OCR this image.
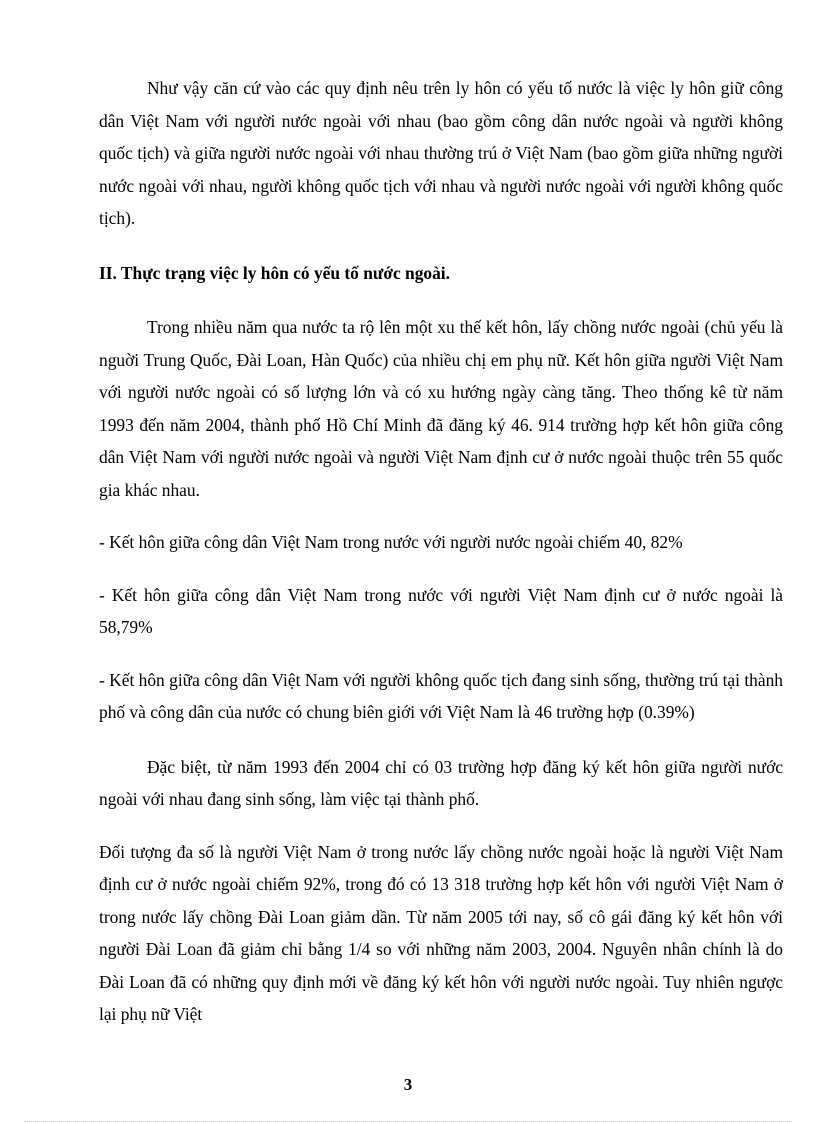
Như vậy căn cứ vào các quy định nêu trên ly hôn có yếu tố nước là việc ly hôn giữ công dân Việt Nam với người nước ngoài với nhau (bao gồm công dân nước ngoài và người không quốc tịch) và giữa người nước ngoài với nhau thường trú ở Việt Nam (bao gồm giữa những người nước ngoài với nhau, người không quốc tịch với nhau và người nước ngoài với người không quốc tịch).

II. Thực trạng việc ly hôn có yếu tố nước ngoài.

Trong nhiều năm qua nước ta rộ lên một xu thế kết hôn, lấy chồng nước ngoài (chủ yếu là nguời Trung Quốc, Đài Loan, Hàn Quốc) của nhiều chị em phụ nữ. Kết hôn giữa người Việt Nam với người nước ngoài có số lượng lớn và có xu hướng ngày càng tăng. Theo thống kê từ năm 1993 đến năm 2004, thành phố Hồ Chí Minh đã đăng ký 46. 914 trường hợp kết hôn giữa công dân Việt Nam với người nước ngoài và người Việt Nam định cư ở nước ngoài thuộc trên 55 quốc gia khác nhau.

- Kết hôn giữa công dân Việt Nam trong nước với người nước ngoài chiếm 40, 82%

- Kết hôn giữa công dân Việt Nam trong nước với người Việt Nam định cư ở nước ngoài là 58,79%

- Kết hôn giữa công dân Việt Nam với người không quốc tịch đang sinh sống, thường trú tại thành phố và công dân của nước có chung biên giới với Việt Nam là 46 trường hợp (0.39%)

Đặc biệt, từ năm 1993 đến 2004 chỉ có 03 trường hợp đăng ký kết hôn giữa người nước ngoài với nhau đang sinh sống, làm việc tại thành phố.

Đối tượng đa số là người Việt Nam ở trong nước lấy chồng nước ngoài hoặc là người Việt Nam định cư ở nước ngoài chiếm 92%, trong đó có 13 318 trường hợp kết hôn với người Việt Nam ở trong nước lấy chồng Đài Loan giảm dần. Từ năm 2005 tới nay, số cô gái đăng ký kết hôn với người Đài Loan đã giảm chỉ bằng 1/4 so với những năm 2003, 2004. Nguyên nhân chính là do Đài Loan đã có những quy định mới về đăng ký kết hôn với người nước ngoài. Tuy nhiên ngược lại phụ nữ Việt

3
